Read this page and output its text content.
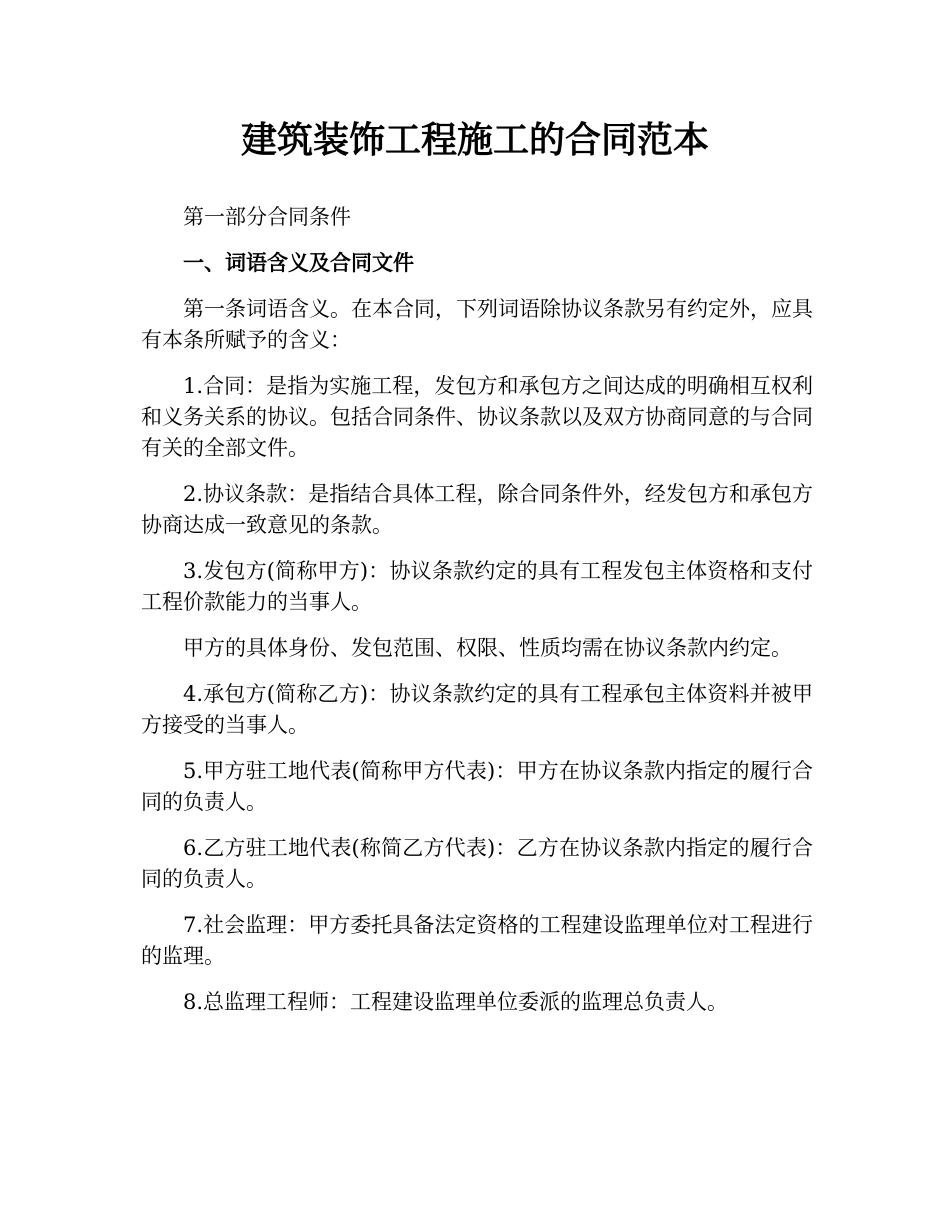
建筑装饰工程施工的合同范本

第一部分合同条件

一、词语含义及合同文件

第一条词语含义。在本合同，下列词语除协议条款另有约定外，应具有本条所赋予的含义：

1.合同：是指为实施工程，发包方和承包方之间达成的明确相互权利和义务关系的协议。包括合同条件、协议条款以及双方协商同意的与合同有关的全部文件。

2.协议条款：是指结合具体工程，除合同条件外，经发包方和承包方协商达成一致意见的条款。

3.发包方(简称甲方)：协议条款约定的具有工程发包主体资格和支付工程价款能力的当事人。

甲方的具体身份、发包范围、权限、性质均需在协议条款内约定。

4.承包方(简称乙方)：协议条款约定的具有工程承包主体资料并被甲方接受的当事人。

5.甲方驻工地代表(简称甲方代表)：甲方在协议条款内指定的履行合同的负责人。

6.乙方驻工地代表(称简乙方代表)：乙方在协议条款内指定的履行合同的负责人。

7.社会监理：甲方委托具备法定资格的工程建设监理单位对工程进行的监理。

8.总监理工程师：工程建设监理单位委派的监理总负责人。
